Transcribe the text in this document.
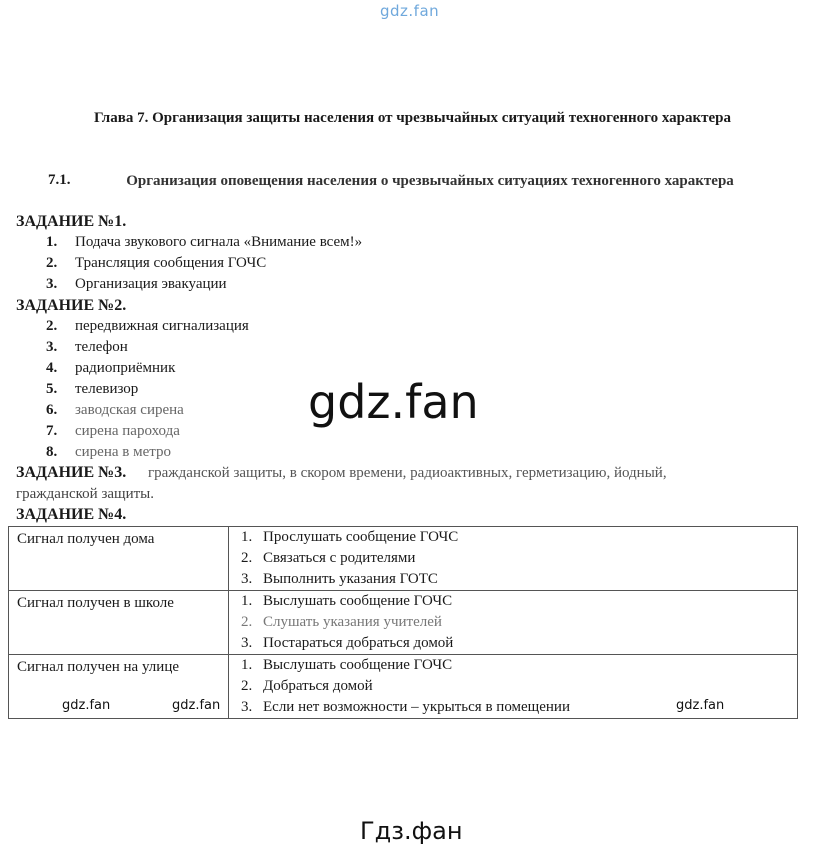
gdz.fan
Глава 7. Организация защиты населения от чрезвычайных ситуаций техногенного характера
7.1.	Организация оповещения населения о чрезвычайных ситуациях техногенного характера
ЗАДАНИЕ №1.
1. Подача звукового сигнала «Внимание всем!»
2. Трансляция сообщения ГОЧС
3. Организация эвакуации
ЗАДАНИЕ №2.
2. передвижная сигнализация
3. телефон
4. радиоприёмник
5. телевизор
6. заводская сирена
7. сирена парохода
8. сирена в метро
gdz.fan
ЗАДАНИЕ №3. гражданской защиты, в скором времени, радиоактивных, герметизацию, йодный,
гражданской защиты.
ЗАДАНИЕ №4.
Сигнал получен дома	1. Прослушать сообщение ГОЧС
2. Связаться с родителями
3. Выполнить указания ГОТС

Сигнал получен в школе	1. Выслушать сообщение ГОЧС
2. Слушать указания учителей
3. Постараться добраться домой

Сигнал получен на улице	1. Выслушать сообщение ГОЧС
2. Добраться домой
3. Если нет возможности – укрыться в помещении
gdz.fan	gdz.fan	gdz.fan
Гдз.фан
